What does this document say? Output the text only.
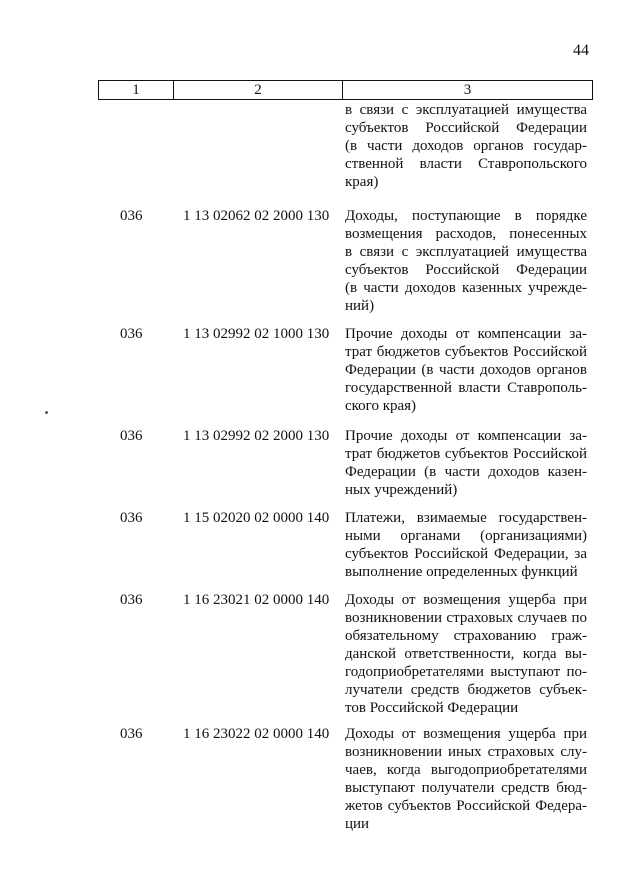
44
1	2	3
в связи с эксплуатацией имущества
субъектов Российской Федерации
(в части доходов органов государ-
ственной власти Ставропольского
края)
036	1 13 02062 02 2000 130 Доходы, поступающие в порядке
возмещения расходов, понесенных
в связи с эксплуатацией имущества
субъектов Российской Федерации
(в части доходов казенных учрежде-
ний)
036	1 13 02992 02 1000 130 Прочие доходы от компенсации за-
трат бюджетов субъектов Российской
Федерации (в части доходов органов
государственной власти Ставрополь-
ского края)
036	1 13 02992 02 2000 130 Прочие доходы от компенсации за-
трат бюджетов субъектов Российской
Федерации (в части доходов казен-
ных учреждений)
036	1 15 02020 02 0000 140 Платежи, взимаемые государствен-
ными органами (организациями)
субъектов Российской Федерации, за
выполнение определенных функций
036	1 16 23021 02 0000 140 Доходы от возмещения ущерба при
возникновении страховых случаев по
обязательному страхованию граж-
данской ответственности, когда вы-
годоприобретателями выступают по-
лучатели средств бюджетов субъек-
тов Российской Федерации
036	1 16 23022 02 0000 140 Доходы от возмещения ущерба при
возникновении иных страховых слу-
чаев, когда выгодоприобретателями
выступают получатели средств бюд-
жетов субъектов Российской Федера-
ции
